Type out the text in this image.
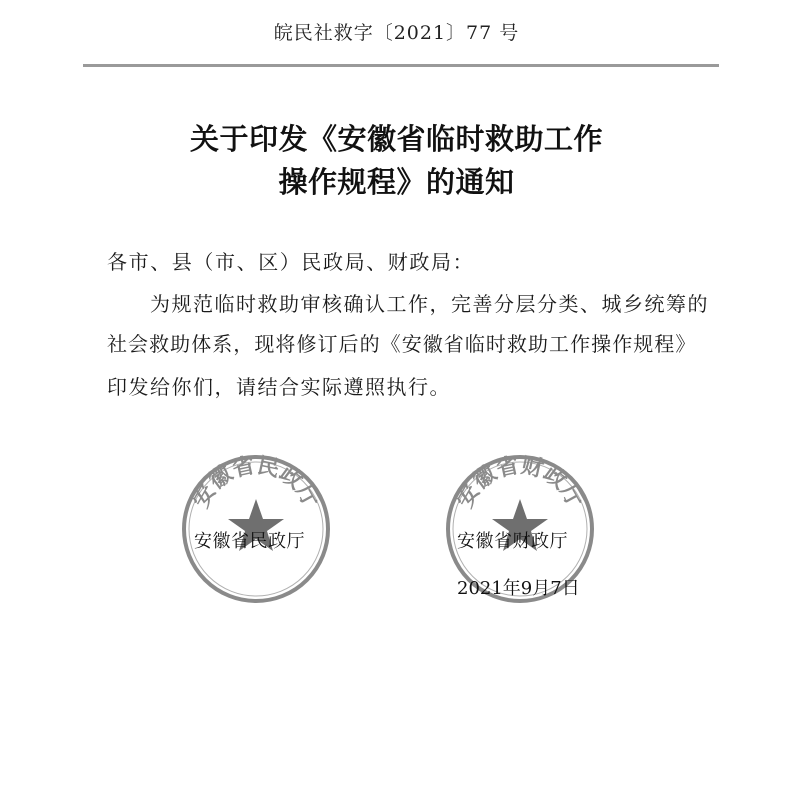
皖民社救字〔2021〕77 号
关于印发《安徽省临时救助工作
操作规程》的通知
各市、县（市、区）民政局、财政局：
为规范临时救助审核确认工作，完善分层分类、城乡统筹的
社会救助体系，现将修订后的《安徽省临时救助工作操作规程》
印发给你们，请结合实际遵照执行。
安徽省民政厅	安徽省财政厅
安徽省民政厅	安徽省财政厅
2021年9月7日
